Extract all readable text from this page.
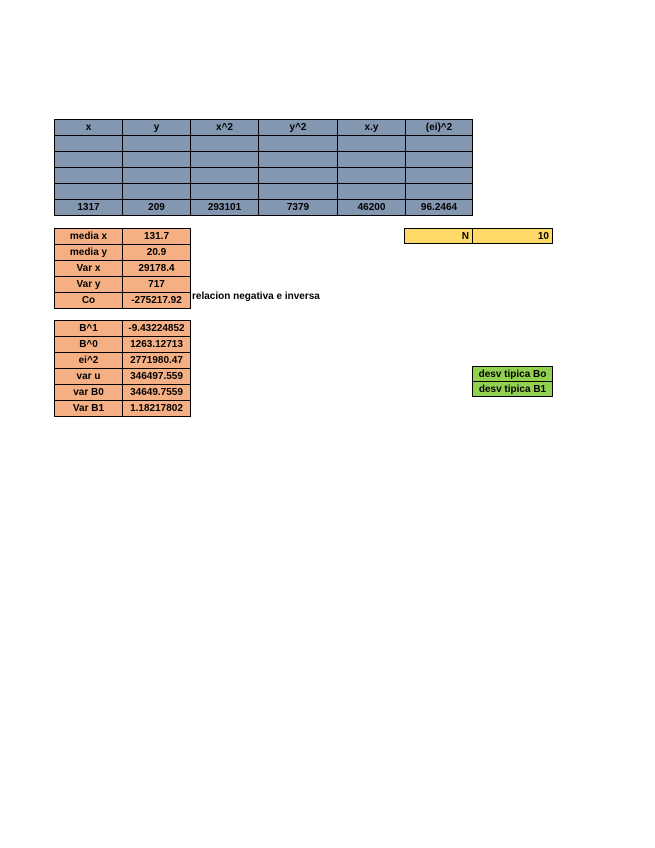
x	y	x^2	y^2	x.y	(ei)^2

1317	209	293101	7379	46200	96.2464
media x	131.7
media y	20.9
Var x	29178.4
Var y	717
Co	-275217.92 relacion negativa e inversa
B^1	-9.43224852
B^0	1263.12713
ei^2	2771980.47
var u	346497.559
var B0	34649.7559
Var B1	1.18217802
N	10
desv tipica Bo
desv tipica B1
